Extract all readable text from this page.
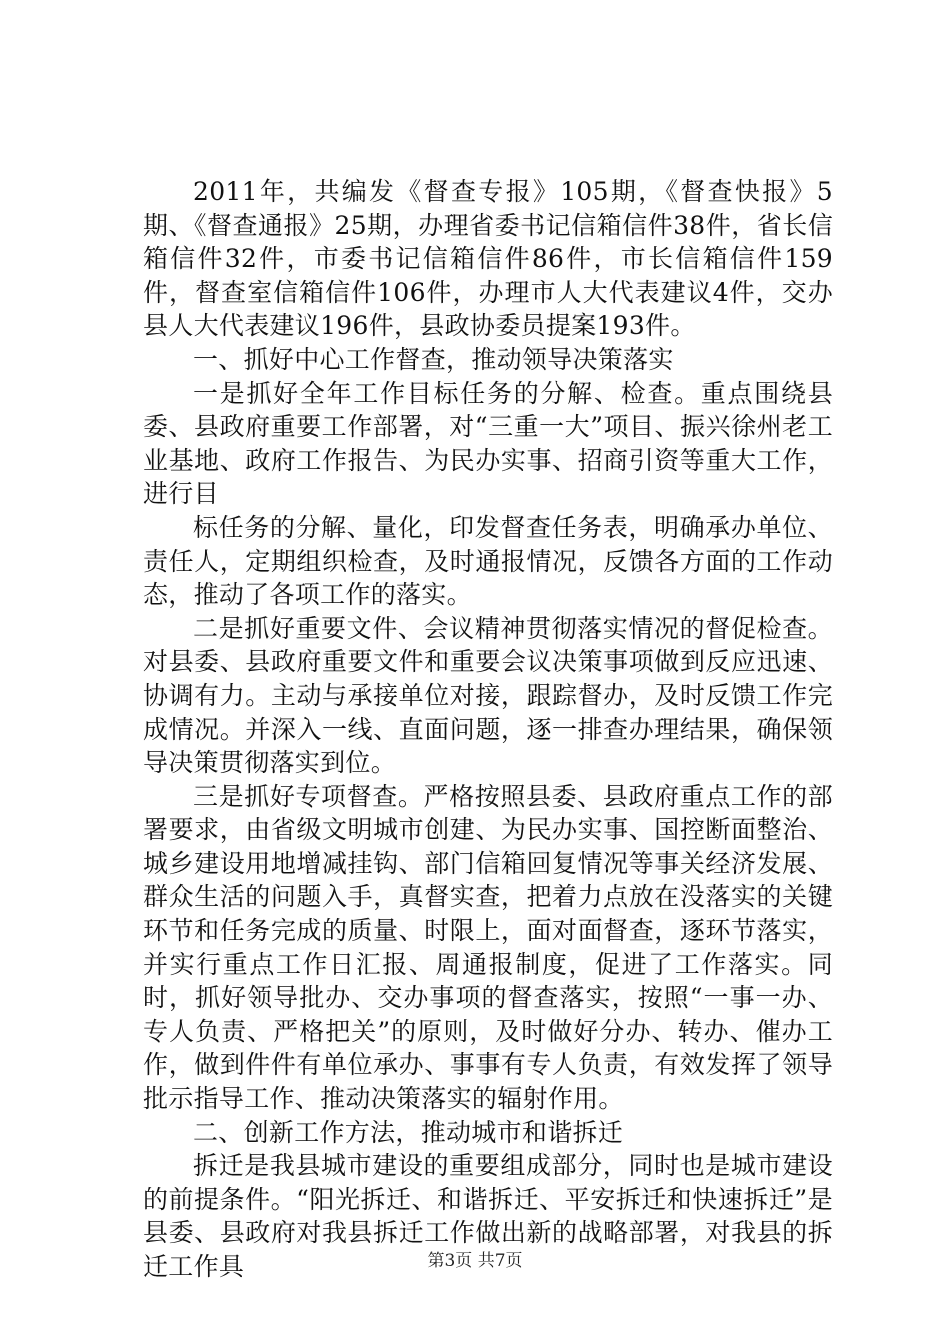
2011年，共编发《督查专报》105期，《督查快报》5期、《督查通报》25期，办理省委书记信箱信件38件，省长信箱信件32件，市委书记信箱信件86件，市长信箱信件159件，督查室信箱信件106件，办理市人大代表建议4件，交办县人大代表建议196件，县政协委员提案193件。

一、抓好中心工作督查，推动领导决策落实

一是抓好全年工作目标任务的分解、检查。重点围绕县委、县政府重要工作部署，对“三重一大”项目、振兴徐州老工业基地、政府工作报告、为民办实事、招商引资等重大工作，进行目

标任务的分解、量化，印发督查任务表，明确承办单位、责任人，定期组织检查，及时通报情况，反馈各方面的工作动态，推动了各项工作的落实。

二是抓好重要文件、会议精神贯彻落实情况的督促检查。对县委、县政府重要文件和重要会议决策事项做到反应迅速、协调有力。主动与承接单位对接，跟踪督办，及时反馈工作完成情况。并深入一线、直面问题，逐一排查办理结果，确保领导决策贯彻落实到位。

三是抓好专项督查。严格按照县委、县政府重点工作的部署要求，由省级文明城市创建、为民办实事、国控断面整治、城乡建设用地增减挂钩、部门信箱回复情况等事关经济发展、群众生活的问题入手，真督实查，把着力点放在没落实的关键环节和任务完成的质量、时限上，面对面督查，逐环节落实，并实行重点工作日汇报、周通报制度，促进了工作落实。同时，抓好领导批办、交办事项的督查落实，按照“一事一办、专人负责、严格把关”的原则，及时做好分办、转办、催办工作，做到件件有单位承办、事事有专人负责，有效发挥了领导批示指导工作、推动决策落实的辐射作用。

二、创新工作方法，推动城市和谐拆迁

拆迁是我县城市建设的重要组成部分，同时也是城市建设的前提条件。“阳光拆迁、和谐拆迁、平安拆迁和快速拆迁”是县委、县政府对我县拆迁工作做出新的战略部署，对我县的拆迁工作具	第3页 共7页
